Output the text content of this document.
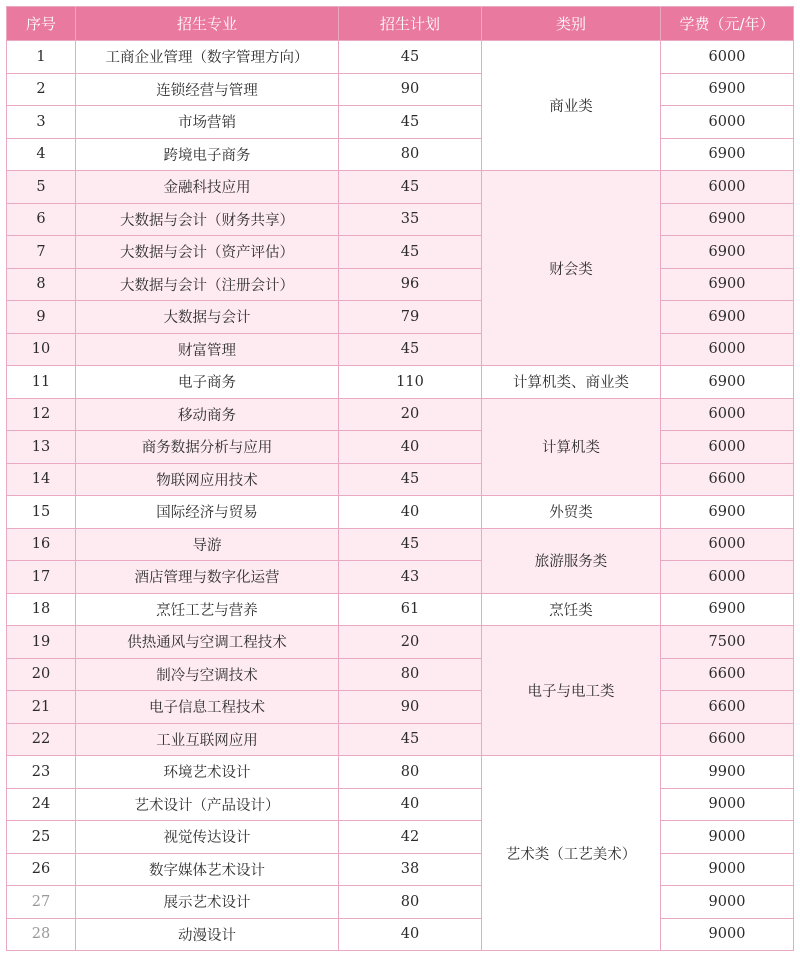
序号	招生专业	招生计划	类别	学费（元/年）
1	工商企业管理（数字管理方向）	45	商业类	6000
2	连锁经营与管理	90		6900
3	市场营销	45		6000
4	跨境电子商务	80		6900
5	金融科技应用	45	财会类	6000
6	大数据与会计（财务共享）	35		6900
7	大数据与会计（资产评估）	45		6900
8	大数据与会计（注册会计）	96		6900
9	大数据与会计	79		6900
10	财富管理	45		6000
11	电子商务	110	计算机类、商业类	6900
12	移动商务	20	计算机类	6000
13	商务数据分析与应用	40		6000
14	物联网应用技术	45		6600
15	国际经济与贸易	40	外贸类	6900
16	导游	45	旅游服务类	6000
17	酒店管理与数字化运营	43		6000
18	烹饪工艺与营养	61	烹饪类	6900
19	供热通风与空调工程技术	20	电子与电工类	7500
20	制冷与空调技术	80		6600
21	电子信息工程技术	90		6600
22	工业互联网应用	45		6600
23	环境艺术设计	80	艺术类（工艺美术）	9900
24	艺术设计（产品设计）	40		9000
25	视觉传达设计	42		9000
26	数字媒体艺术设计	38		9000
27	展示艺术设计	80		9000
28	动漫设计	40		9000
